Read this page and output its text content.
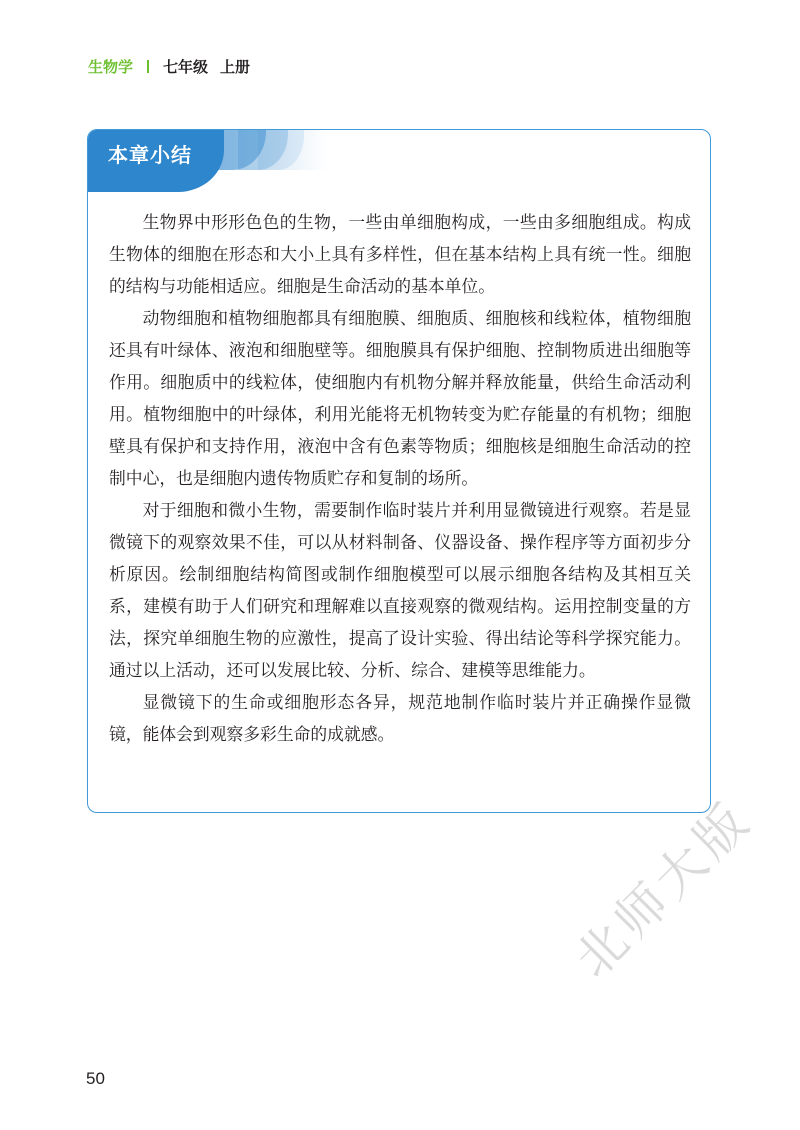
生物学 七年级 上册
本章小结

生物界中形形色色的生物，一些由单细胞构成，一些由多细胞组成。构成生物体的细胞在形态和大小上具有多样性，但在基本结构上具有统一性。细胞的结构与功能相适应。细胞是生命活动的基本单位。

动物细胞和植物细胞都具有细胞膜、细胞质、细胞核和线粒体，植物细胞还具有叶绿体、液泡和细胞壁等。细胞膜具有保护细胞、控制物质进出细胞等作用。细胞质中的线粒体，使细胞内有机物分解并释放能量，供给生命活动利用。植物细胞中的叶绿体，利用光能将无机物转变为贮存能量的有机物；细胞壁具有保护和支持作用，液泡中含有色素等物质；细胞核是细胞生命活动的控制中心，也是细胞内遗传物质贮存和复制的场所。

对于细胞和微小生物，需要制作临时装片并利用显微镜进行观察。若是显微镜下的观察效果不佳，可以从材料制备、仪器设备、操作程序等方面初步分析原因。绘制细胞结构简图或制作细胞模型可以展示细胞各结构及其相互关系，建模有助于人们研究和理解难以直接观察的微观结构。运用控制变量的方法，探究单细胞生物的应激性，提高了设计实验、得出结论等科学探究能力。通过以上活动，还可以发展比较、分析、综合、建模等思维能力。

显微镜下的生命或细胞形态各异，规范地制作临时装片并正确操作显微镜，能体会到观察多彩生命的成就感。

50
北师大版
